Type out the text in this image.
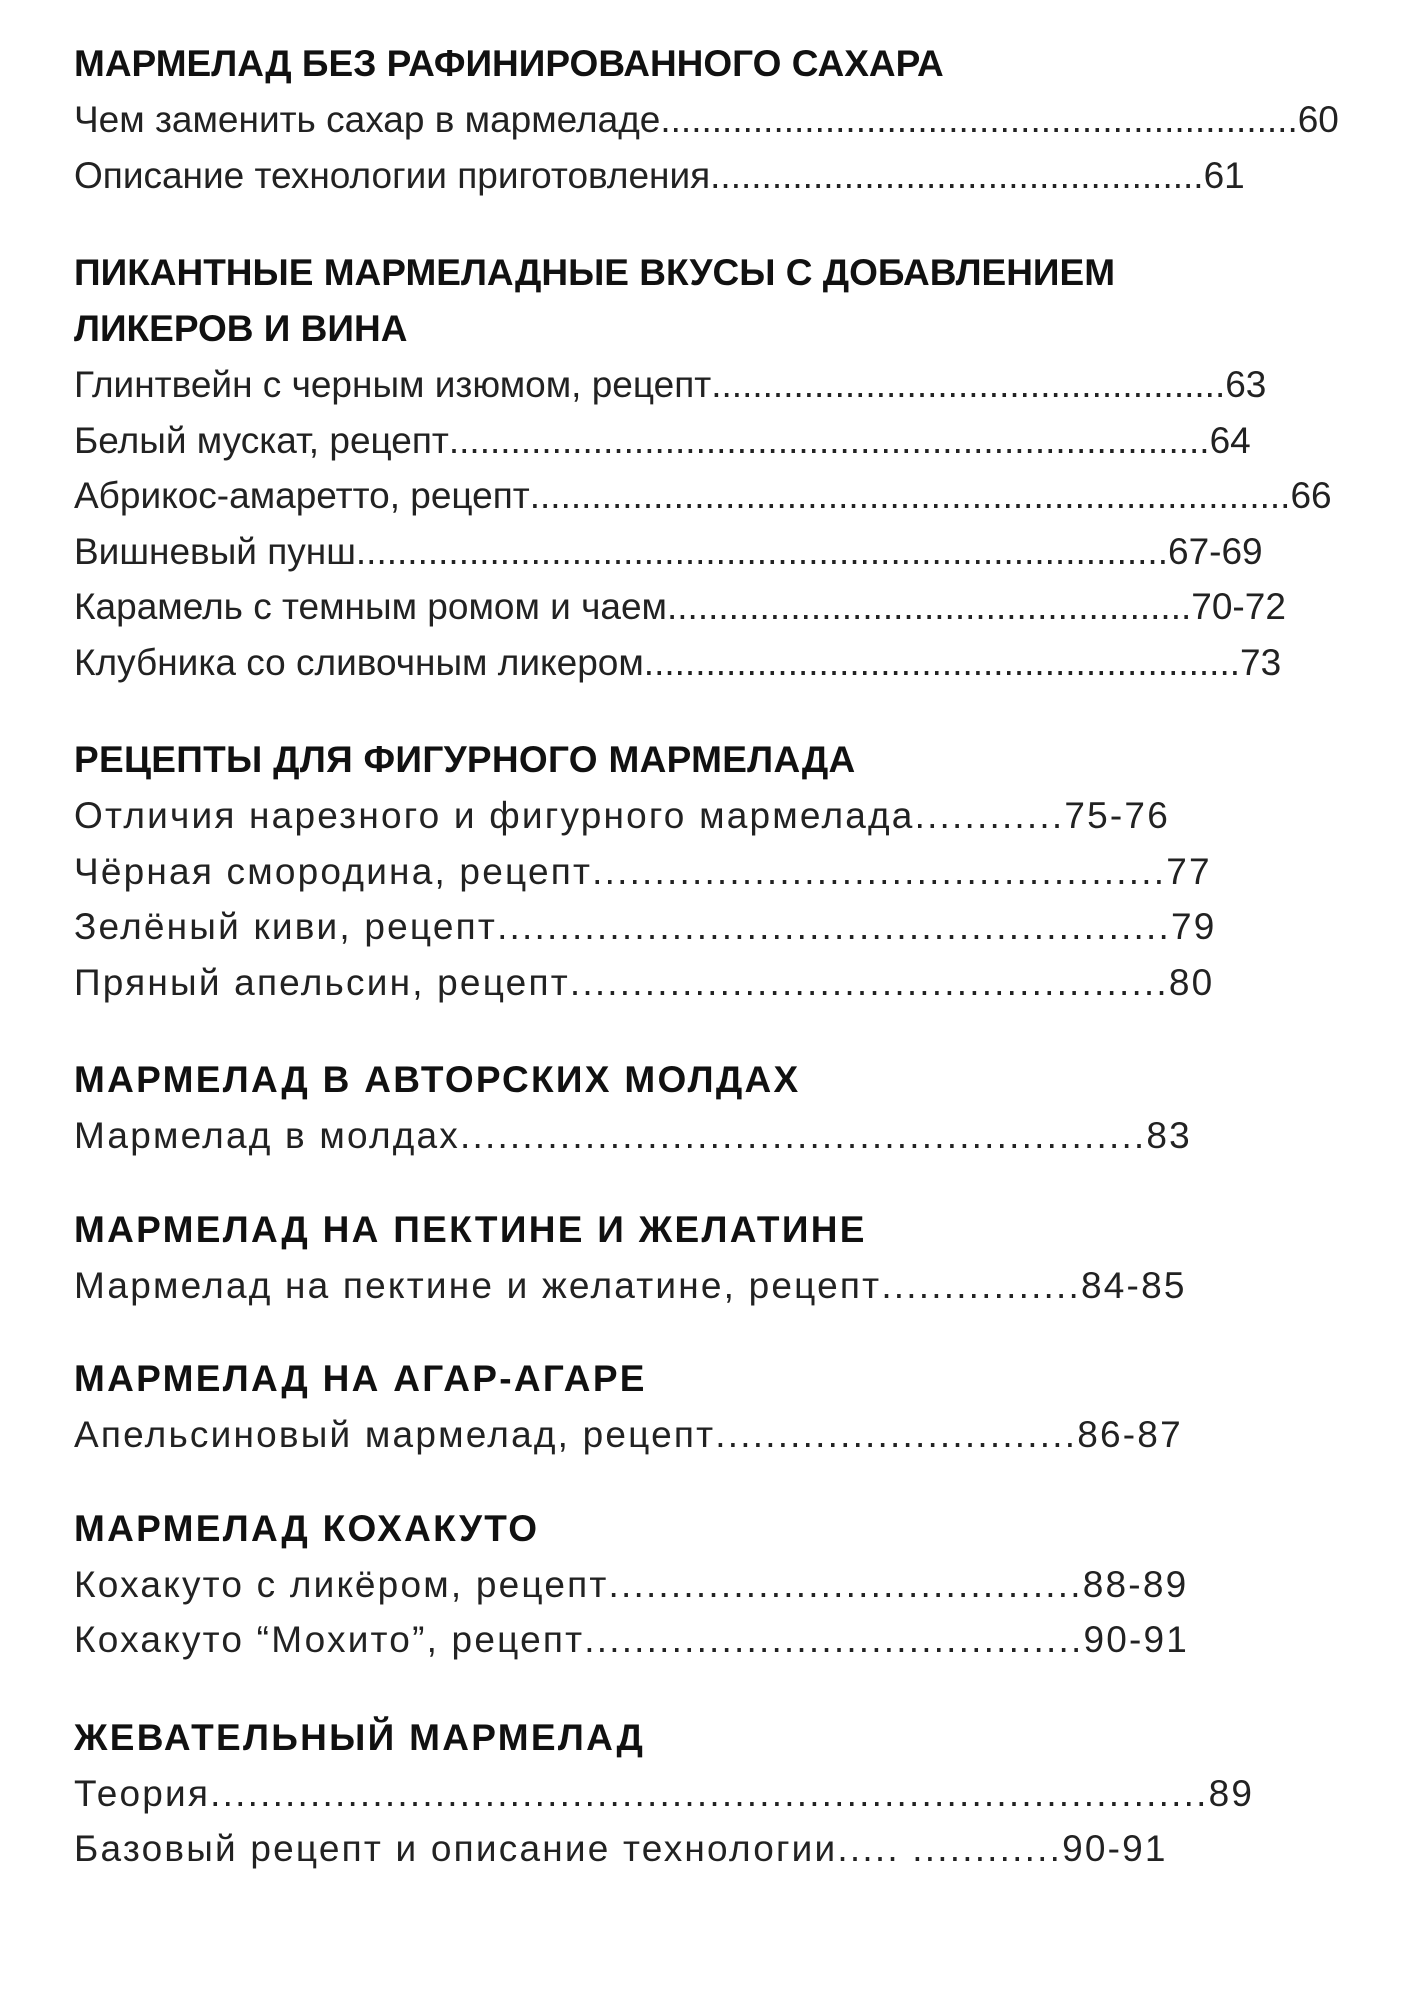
МАРМЕЛАД БЕЗ РАФИНИРОВАННОГО САХАРА
Чем заменить сахар в мармеладе .............................................................. 60
Описание технологии приготовления ................................................ 61
ПИКАНТНЫЕ МАРМЕЛАДНЫЕ ВКУСЫ С ДОБАВЛЕНИЕМ
ЛИКЕРОВ И ВИНА
Глинтвейн с черным изюмом, рецепт .................................................. 63
Белый мускат, рецепт .......................................................................... 64
Абрикос-амаретто, рецепт .......................................................................... 66
Вишневый пунш ............................................................................... 67-69
Карамель с темным ромом и чаем ................................................... 70-72
Клубника со сливочным ликером .......................................................... 73
РЕЦЕПТЫ ДЛЯ ФИГУРНОГО МАРМЕЛАДА
Отличия нарезного и фигурного мармелада ............ 75-76
Чёрная смородина, рецепт .............................................. 77
Зелёный киви, рецепт ...................................................... 79
Пряный апельсин, рецепт ................................................ 80
МАРМЕЛАД В АВТОРСКИХ МОЛДАХ
Мармелад в молдах ....................................................... 83
МАРМЕЛАД НА ПЕКТИНЕ И ЖЕЛАТИНЕ
Мармелад на пектине и желатине, рецепт ................ 84-85
МАРМЕЛАД НА АГАР-АГАРЕ
Апельсиновый мармелад, рецепт ............................. 86-87
МАРМЕЛАД КОХАКУТО
Кохакуто с ликёром, рецепт ...................................... 88-89
Кохакуто “Мохито”, рецепт ........................................ 90-91
ЖЕВАТЕЛЬНЫЙ МАРМЕЛАД
Теория ................................................................................ 89
Базовый рецепт и описание технологии ..... ............ 90-91
